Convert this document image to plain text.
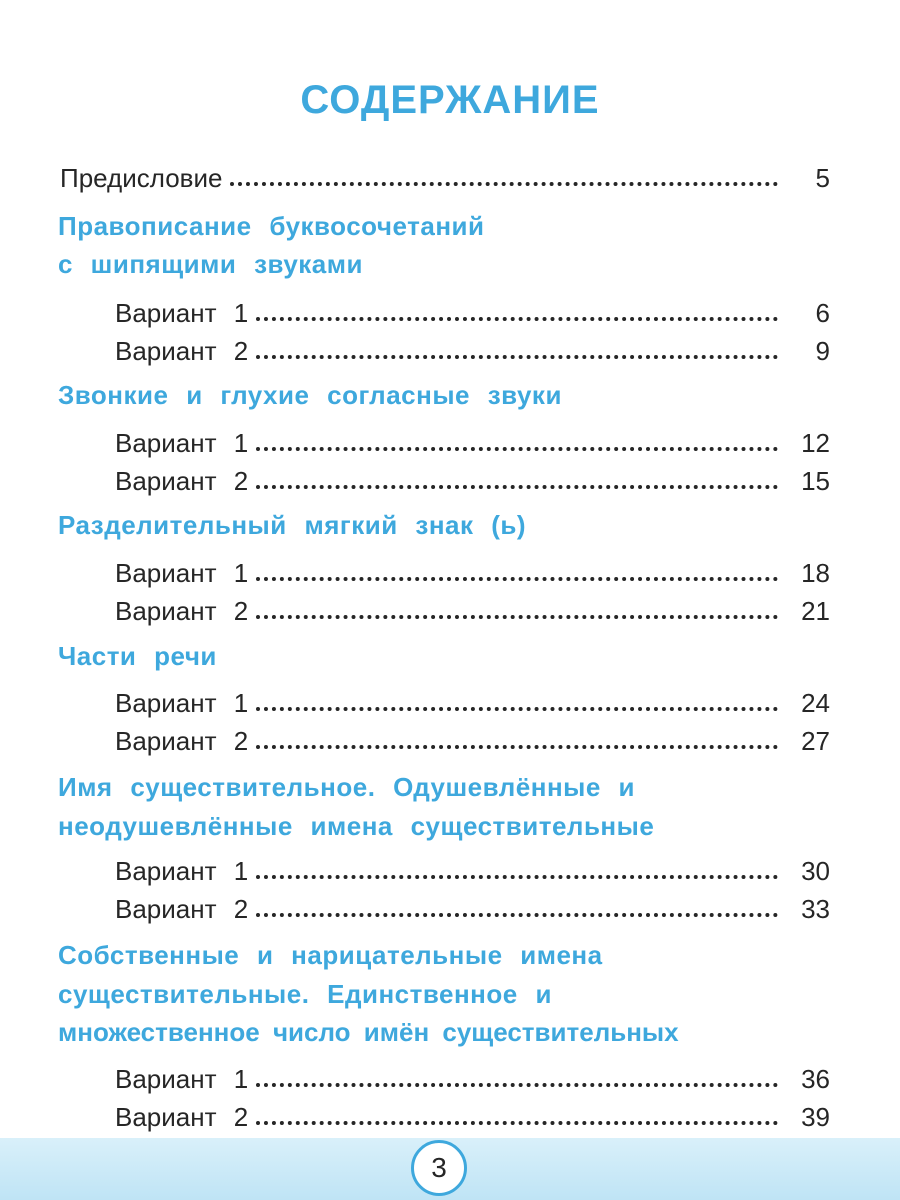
СОДЕРЖАНИЕ
Предисловие	5
Правописание буквосочетаний
с шипящими звуками
Вариант 1	6
Вариант 2	9
Звонкие и глухие согласные звуки
Вариант 1	12
Вариант 2	15
Разделительный мягкий знак (ь)
Вариант 1	18
Вариант 2	21
Части речи
Вариант 1	24
Вариант 2	27
Имя существительное. Одушевлённые и
неодушевлённые имена существительные
Вариант 1	30
Вариант 2	33
Собственные и нарицательные имена
существительные. Единственное и
множественное число имён существительных
Вариант 1	36
Вариант 2	39
3
